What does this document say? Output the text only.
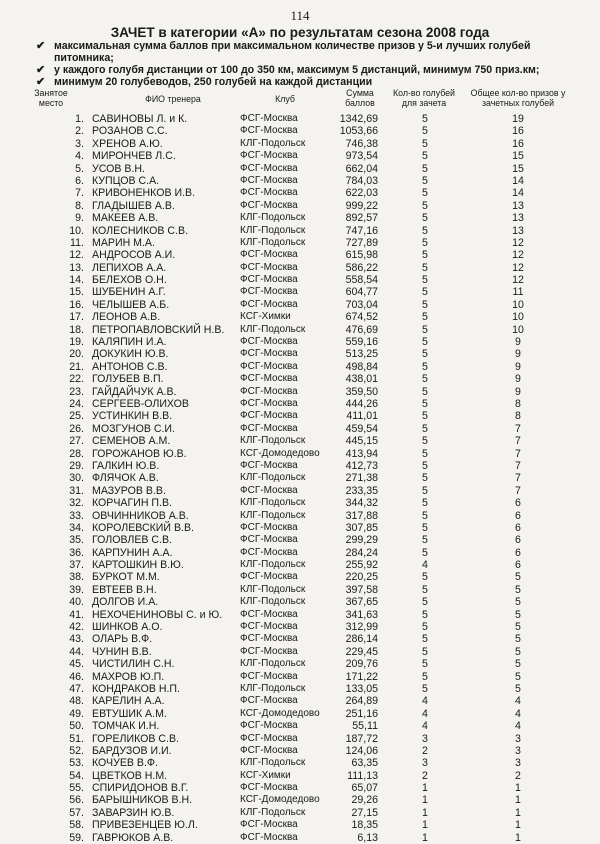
114
ЗАЧЕТ в категории «А» по результатам сезона 2008 года
✔ максимальная сумма баллов при максимальном количестве призов у 5-и лучших голубей
питомника;
✔ у каждого голубя дистанции от 100 до 350 км, максимум 5 дистанций, минимум 750 приз.км;
✔ минимум 20 голубеводов, 250 голубей на каждой дистанции
Занятое
место	ФИО тренера	Клуб
Сумма
баллов
Кол-во голубей
для зачета
Общее кол-во призов у
зачетных голубей
1. САВИНОВЫ Л. и К.	ФСГ-Москва	1342,69	5	19
2. РОЗАНОВ С.С.	ФСГ-Москва	1053,66	5	16
3. ХРЕНОВ А.Ю.	КЛГ-Подольск	746,38	5	16
4. МИРОНЧЕВ Л.С.	ФСГ-Москва	973,54	5	15
5. УСОВ В.Н.	ФСГ-Москва	662,04	5	15
6. КУПЦОВ С.А.	ФСГ-Москва	784,03	5	14
7. КРИВОНЕНКОВ И.В.	ФСГ-Москва	622,03	5	14
8. ГЛАДЫШЕВ А.В.	ФСГ-Москва	999,22	5	13
9. МАКЕЕВ А.В.	КЛГ-Подольск	892,57	5	13
10. КОЛЕСНИКОВ С.В.	КЛГ-Подольск	747,16	5	13
11. МАРИН М.А.	КЛГ-Подольск	727,89	5	12
12. АНДРОСОВ А.И.	ФСГ-Москва	615,98	5	12
13. ЛЕПИХОВ А.А.	ФСГ-Москва	586,22	5	12
14. БЕЛЕХОВ О.Н.	ФСГ-Москва	558,54	5	12
15. ШУБЕНИН А.Г.	ФСГ-Москва	604,77	5	11
16. ЧЕЛЫШЕВ А.Б.	ФСГ-Москва	703,04	5	10
17. ЛЕОНОВ А.В.	КСГ-Химки	674,52	5	10
18. ПЕТРОПАВЛОВСКИЙ Н.В. КЛГ-Подольск	476,69	5	10
19. КАЛЯПИН И.А.	ФСГ-Москва	559,16	5	9
20. ДОКУКИН Ю.В.	ФСГ-Москва	513,25	5	9
21. АНТОНОВ С.В.	ФСГ-Москва	498,84	5	9
22. ГОЛУБЕВ В.П.	ФСГ-Москва	438,01	5	9
23. ГАЙДАЙЧУК А.В.	ФСГ-Москва	359,50	5	9
24. СЕРГЕЕВ-ОЛИХОВ	ФСГ-Москва	444,26	5	8
25. УСТИНКИН В.В.	ФСГ-Москва	411,01	5	8
26. МОЗГУНОВ С.И.	ФСГ-Москва	459,54	5	7
27. СЕМЕНОВ А.М.	КЛГ-Подольск	445,15	5	7
28. ГОРОЖАНОВ Ю.В.	КСГ-Домодедово	413,94	5	7
29. ГАЛКИН Ю.В.	ФСГ-Москва	412,73	5	7
30. ФЛЯЧОК А.В.	КЛГ-Подольск	271,38	5	7
31. МАЗУРОВ В.В.	ФСГ-Москва	233,35	5	7
32. КОРЧАГИН П.В.	КЛГ-Подольск	344,32	5	6
33. ОВЧИННИКОВ А.В.	КЛГ-Подольск	317,88	5	6
34. КОРОЛЕВСКИЙ В.В.	ФСГ-Москва	307,85	5	6
35. ГОЛОВЛЕВ С.В.	ФСГ-Москва	299,29	5	6
36. КАРПУНИН А.А.	ФСГ-Москва	284,24	5	6
37. КАРТОШКИН В.Ю.	КЛГ-Подольск	255,92	4	6
38. БУРКОТ М.М.	ФСГ-Москва	220,25	5	5
39. ЕВТЕЕВ В.Н.	КЛГ-Подольск	397,58	5	5
40. ДОЛГОВ И.А.	КЛГ-Подольск	367,65	5	5
41. НЕХОЧЕНИНОВЫ С. и Ю. ФСГ-Москва	341,63	5	5
42. ШИНКОВ А.О.	ФСГ-Москва	312,99	5	5
43. ОЛАРЬ В.Ф.	ФСГ-Москва	286,14	5	5
44. ЧУНИН В.В.	ФСГ-Москва	229,45	5	5
45. ЧИСТИЛИН С.Н.	КЛГ-Подольск	209,76	5	5
46. МАХРОВ Ю.П.	ФСГ-Москва	171,22	5	5
47. КОНДРАКОВ Н.П.	КЛГ-Подольск	133,05	5	5
48. КАРЕЛИН А.А.	ФСГ-Москва	264,89	4	4
49. ЕВТУШИК А.М.	КСГ-Домодедово	251,16	4	4
50. ТОМЧАК И.Н.	ФСГ-Москва	55,11	4	4
51. ГОРЕЛИКОВ С.В.	ФСГ-Москва	187,72	3	3
52. БАРДУЗОВ И.И.	ФСГ-Москва	124,06	2	3
53. КОЧУЕВ В.Ф.	КЛГ-Подольск	63,35	3	3
54. ЦВЕТКОВ Н.М.	КСГ-Химки	111,13	2	2
55. СПИРИДОНОВ В.Г.	ФСГ-Москва	65,07	1	1
56. БАРЫШНИКОВ В.Н.	КСГ-Домодедово	29,26	1	1
57. ЗАВАРЗИН Ю.В.	КЛГ-Подольск	27,15	1	1
58. ПРИВЕЗЕНЦЕВ Ю.Л.	ФСГ-Москва	18,35	1	1
59. ГАВРЮКОВ А.В.	ФСГ-Москва	6,13	1	1
